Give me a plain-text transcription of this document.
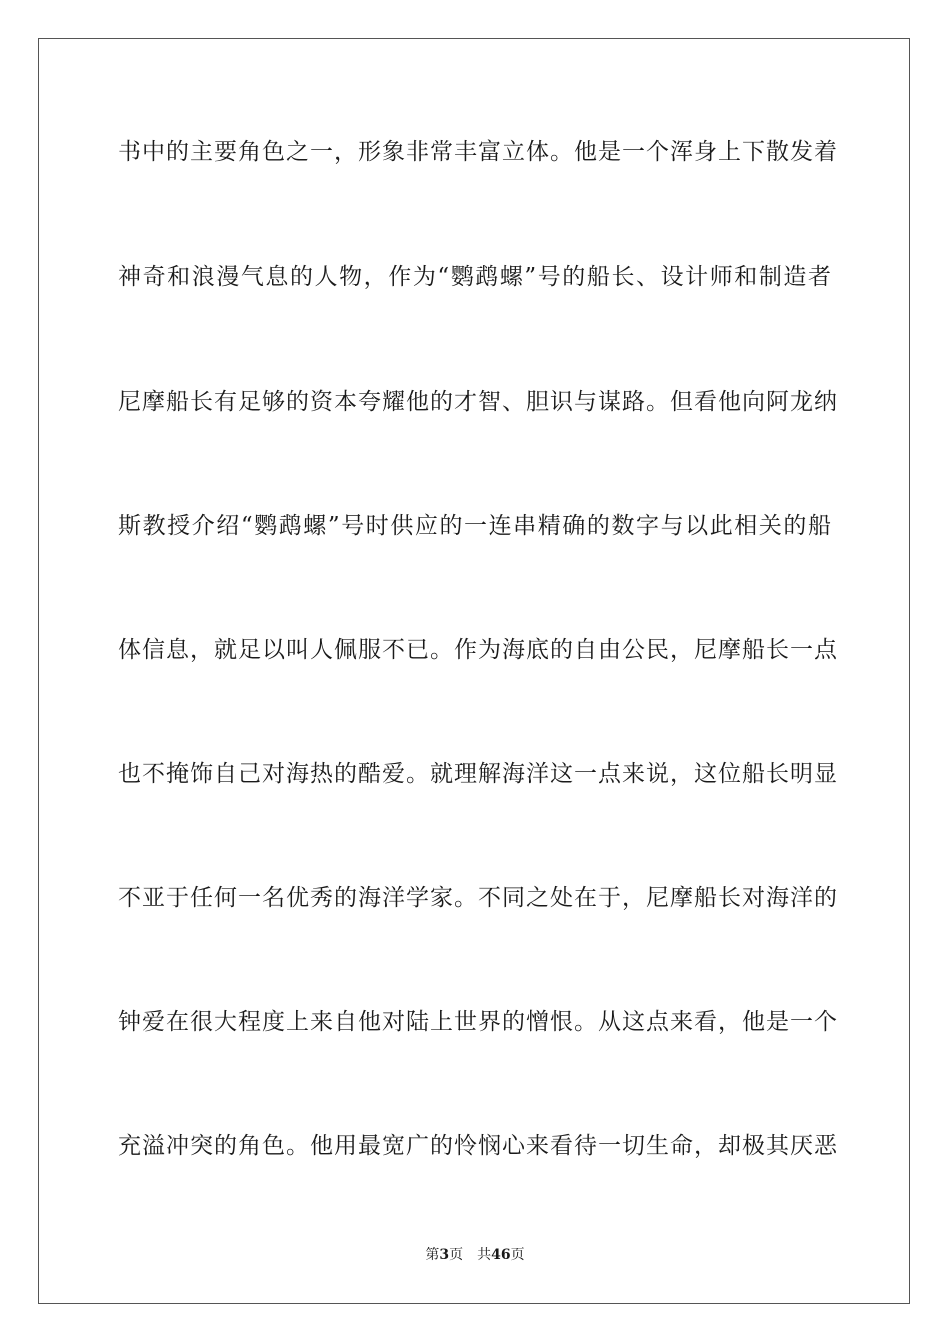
书中的主要角色之一，形象非常丰富立体。他是一个浑身上下散发着
神奇和浪漫气息的人物，作为“鹦鹉螺”号的船长、设计师和制造者
尼摩船长有足够的资本夸耀他的才智、胆识与谋路。但看他向阿龙纳
斯教授介绍“鹦鹉螺”号时供应的一连串精确的数字与以此相关的船
体信息，就足以叫人佩服不已。作为海底的自由公民，尼摩船长一点
也不掩饰自己对海热的酷爱。就理解海洋这一点来说，这位船长明显
不亚于任何一名优秀的海洋学家。不同之处在于，尼摩船长对海洋的
钟爱在很大程度上来自他对陆上世界的憎恨。从这点来看，他是一个
充溢冲突的角色。他用最宽广的怜悯心来看待一切生命，却极其厌恶
第3页 共46页
